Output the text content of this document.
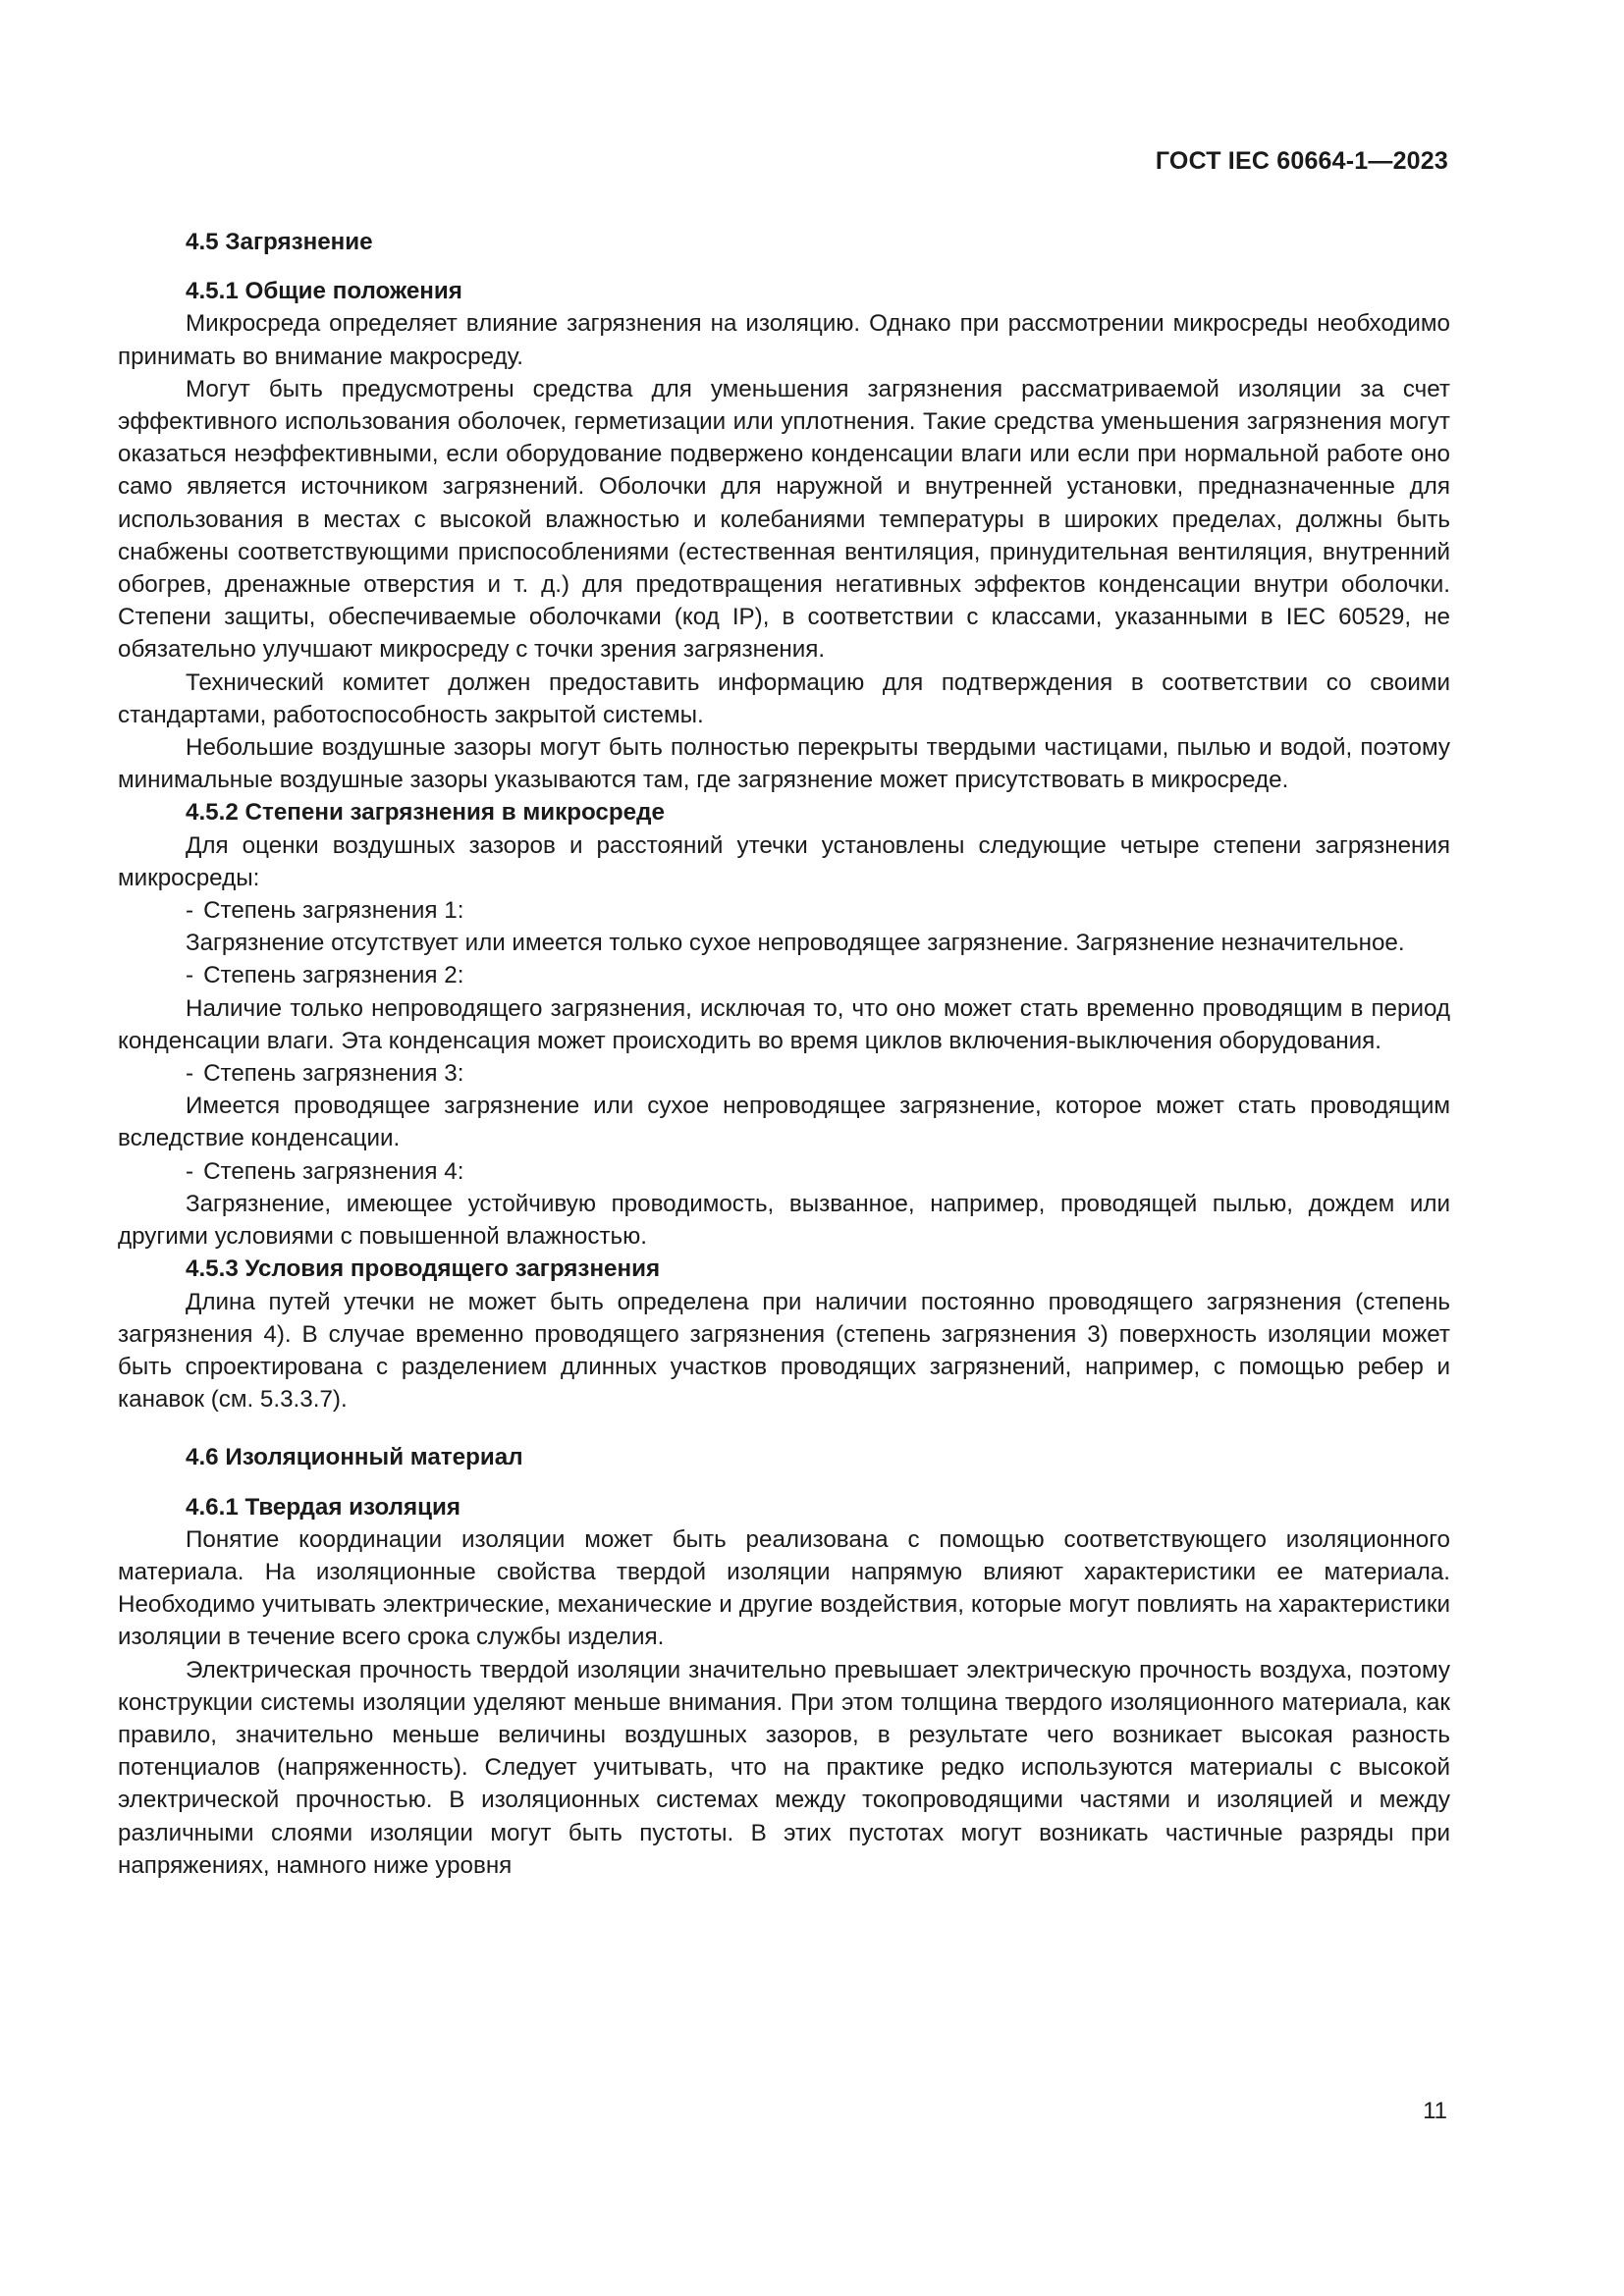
ГОСТ IEC 60664-1—2023
4.5 Загрязнение
4.5.1 Общие положения

Микросреда определяет влияние загрязнения на изоляцию. Однако при рассмотрении микросреды необходимо принимать во внимание макросреду.

Могут быть предусмотрены средства для уменьшения загрязнения рассматриваемой изоляции за счет эффективного использования оболочек, герметизации или уплотнения. Такие средства уменьшения загрязнения могут оказаться неэффективными, если оборудование подвержено конденсации влаги или если при нормальной работе оно само является источником загрязнений. Оболочки для наружной и внутренней установки, предназначенные для использования в местах с высокой влажностью и колебаниями температуры в широких пределах, должны быть снабжены соответствующими приспособлениями (естественная вентиляция, принудительная вентиляция, внутренний обогрев, дренажные отверстия и т. д.) для предотвращения негативных эффектов конденсации внутри оболочки. Степени защиты, обеспечиваемые оболочками (код IP), в соответствии с классами, указанными в IEC 60529, не обязательно улучшают микросреду с точки зрения загрязнения.

Технический комитет должен предоставить информацию для подтверждения в соответствии со своими стандартами, работоспособность закрытой системы.

Небольшие воздушные зазоры могут быть полностью перекрыты твердыми частицами, пылью и водой, поэтому минимальные воздушные зазоры указываются там, где загрязнение может присутствовать в микросреде.

4.5.2 Степени загрязнения в микросреде

Для оценки воздушных зазоров и расстояний утечки установлены следующие четыре степени загрязнения микросреды:

- Степень загрязнения 1:

Загрязнение отсутствует или имеется только сухое непроводящее загрязнение. Загрязнение незначительное.

- Степень загрязнения 2:

Наличие только непроводящего загрязнения, исключая то, что оно может стать временно проводящим в период конденсации влаги. Эта конденсация может происходить во время циклов включения-выключения оборудования.

- Степень загрязнения 3:

Имеется проводящее загрязнение или сухое непроводящее загрязнение, которое может стать проводящим вследствие конденсации.

- Степень загрязнения 4:

Загрязнение, имеющее устойчивую проводимость, вызванное, например, проводящей пылью, дождем или другими условиями с повышенной влажностью.

4.5.3 Условия проводящего загрязнения

Длина путей утечки не может быть определена при наличии постоянно проводящего загрязнения (степень загрязнения 4). В случае временно проводящего загрязнения (степень загрязнения 3) поверхность изоляции может быть спроектирована с разделением длинных участков проводящих загрязнений, например, с помощью ребер и канавок (см. 5.3.3.7).

4.6 Изоляционный материал
4.6.1 Твердая изоляция

Понятие координации изоляции может быть реализована с помощью соответствующего изоляционного материала. На изоляционные свойства твердой изоляции напрямую влияют характеристики ее материала. Необходимо учитывать электрические, механические и другие воздействия, которые могут повлиять на характеристики изоляции в течение всего срока службы изделия.

Электрическая прочность твердой изоляции значительно превышает электрическую прочность воздуха, поэтому конструкции системы изоляции уделяют меньше внимания. При этом толщина твердого изоляционного материала, как правило, значительно меньше величины воздушных зазоров, в результате чего возникает высокая разность потенциалов (напряженность). Следует учитывать, что на практике редко используются материалы с высокой электрической прочностью. В изоляционных системах между токопроводящими частями и изоляцией и между различными слоями изоляции могут быть пустоты. В этих пустотах могут возникать частичные разряды при напряжениях, намного ниже уровня

11
